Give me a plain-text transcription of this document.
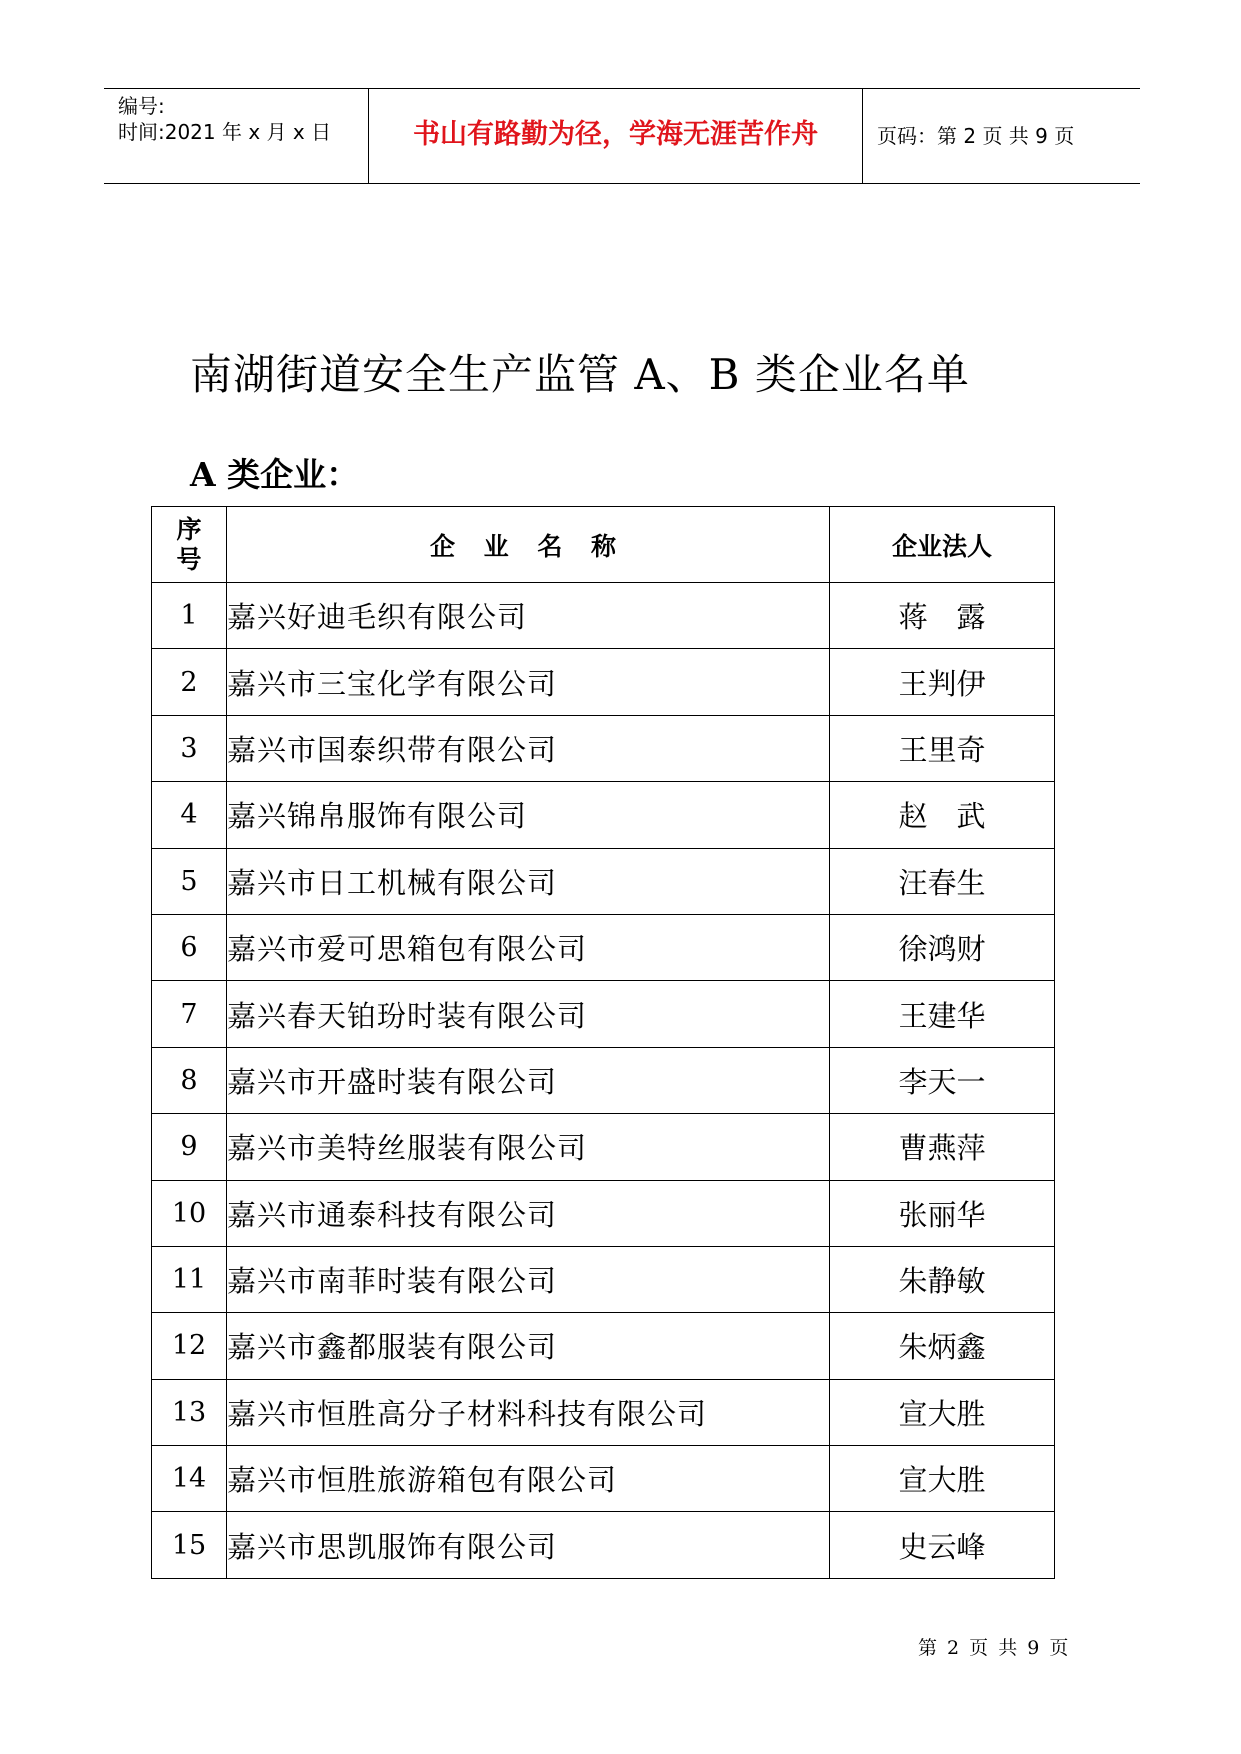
编号:
时间:2021 年 x 月 x 日	书山有路勤为径，学海无涯苦作舟	页码：第 2 页 共 9 页
南湖街道安全生产监管 A、B 类企业名单
A 类企业：
序号	企 业 名 称	企业法人
1	嘉兴好迪毛织有限公司	蒋　露
2	嘉兴市三宝化学有限公司	王判伊
3	嘉兴市国泰织带有限公司	王里奇
4	嘉兴锦帛服饰有限公司	赵　武
5	嘉兴市日工机械有限公司	汪春生
6	嘉兴市爱可思箱包有限公司	徐鸿财
7	嘉兴春天铂玢时装有限公司	王建华
8	嘉兴市开盛时装有限公司	李天一
9	嘉兴市美特丝服装有限公司	曹燕萍
10	嘉兴市通泰科技有限公司	张丽华
11	嘉兴市南菲时装有限公司	朱静敏
12	嘉兴市鑫都服装有限公司	朱炳鑫
13	嘉兴市恒胜高分子材料科技有限公司	宣大胜
14	嘉兴市恒胜旅游箱包有限公司	宣大胜
15	嘉兴市思凯服饰有限公司	史云峰
第 2 页 共 9 页
